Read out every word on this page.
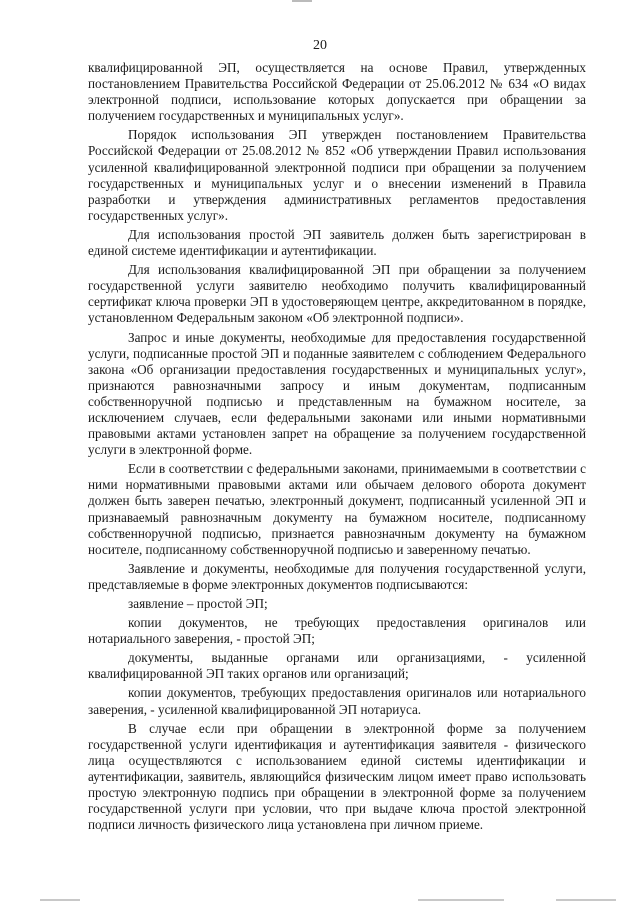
20

квалифицированной ЭП, осуществляется на основе Правил, утвержденных постановлением Правительства Российской Федерации от 25.06.2012 № 634 «О видах электронной подписи, использование которых допускается при обращении за получением государственных и муниципальных услуг».

Порядок использования ЭП утвержден постановлением Правительства Российской Федерации от 25.08.2012 № 852 «Об утверждении Правил использования усиленной квалифицированной электронной подписи при обращении за получением государственных и муниципальных услуг и о внесении изменений в Правила разработки и утверждения административных регламентов предоставления государственных услуг».

Для использования простой ЭП заявитель должен быть зарегистрирован в единой системе идентификации и аутентификации.

Для использования квалифицированной ЭП при обращении за получением государственной услуги заявителю необходимо получить квалифицированный сертификат ключа проверки ЭП в удостоверяющем центре, аккредитованном в порядке, установленном Федеральным законом «Об электронной подписи».

Запрос и иные документы, необходимые для предоставления государственной услуги, подписанные простой ЭП и поданные заявителем с соблюдением Федерального закона «Об организации предоставления государственных и муниципальных услуг», признаются равнозначными запросу и иным документам, подписанным собственноручной подписью и представленным на бумажном носителе, за исключением случаев, если федеральными законами или иными нормативными правовыми актами установлен запрет на обращение за получением государственной услуги в электронной форме.

Если в соответствии с федеральными законами, принимаемыми в соответствии с ними нормативными правовыми актами или обычаем делового оборота документ должен быть заверен печатью, электронный документ, подписанный усиленной ЭП и признаваемый равнозначным документу на бумажном носителе, подписанному собственноручной подписью, признается равнозначным документу на бумажном носителе, подписанному собственноручной подписью и заверенному печатью.

Заявление и документы, необходимые для получения государственной услуги, представляемые в форме электронных документов подписываются:

заявление – простой ЭП;

копии документов, не требующих предоставления оригиналов или нотариального заверения, - простой ЭП;

документы, выданные органами или организациями, - усиленной квалифицированной ЭП таких органов или организаций;

копии документов, требующих предоставления оригиналов или нотариального заверения, - усиленной квалифицированной ЭП нотариуса.

В случае если при обращении в электронной форме за получением государственной услуги идентификация и аутентификация заявителя - физического лица осуществляются с использованием единой системы идентификации и аутентификации, заявитель, являющийся физическим лицом имеет право использовать простую электронную подпись при обращении в электронной форме за получением государственной услуги при условии, что при выдаче ключа простой электронной подписи личность физического лица установлена при личном приеме.
